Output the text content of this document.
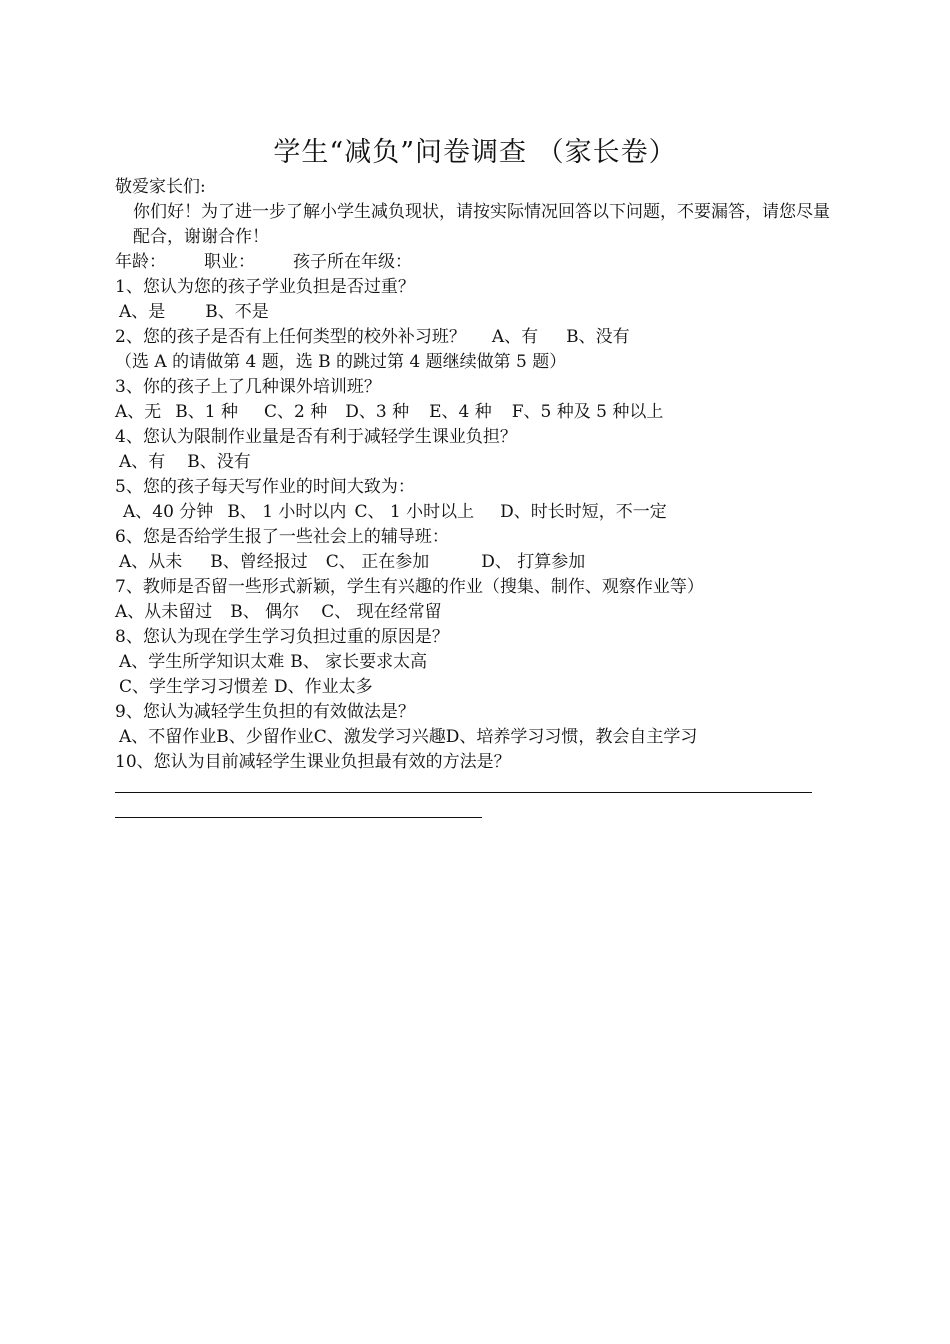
学生“减负”问卷调查 （家长卷）
敬爱家长们:
你们好！为了进一步了解小学生减负现状，请按实际情况回答以下问题，不要漏答，请您尽量配合，谢谢合作！
年龄： 职业： 孩子所在年级：
1、您认为您的孩子学业负担是否过重？
A、是 B、不是
2、您的孩子是否有上任何类型的校外补习班？ A、有 B、没有
（选 A 的请做第 4 题，选 B 的跳过第 4 题继续做第 5 题）
3、你的孩子上了几种课外培训班？
A、无 B、1 种 C、2 种 D、3 种 E、4 种 F、5 种及 5 种以上
4、您认为限制作业量是否有利于减轻学生课业负担？
A、有 B、没有
5、您的孩子每天写作业的时间大致为：
A、40 分钟 B、 1 小时以内 C、 1 小时以上 D、时长时短，不一定
6、您是否给学生报了一些社会上的辅导班：
A、从未 B、曾经报过 C、 正在参加	D、 打算参加
7、教师是否留一些形式新颖，学生有兴趣的作业（搜集、制作、观察作业等）
A、从未留过 B、 偶尔 C、 现在经常留
8、您认为现在学生学习负担过重的原因是？
A、学生所学知识太难 B、 家长要求太高
C、学生学习习惯差 D、作业太多
9、您认为减轻学生负担的有效做法是？
A、不留作业B、少留作业C、激发学习兴趣D、培养学习习惯，教会自主学习
10、您认为目前减轻学生课业负担最有效的方法是？
